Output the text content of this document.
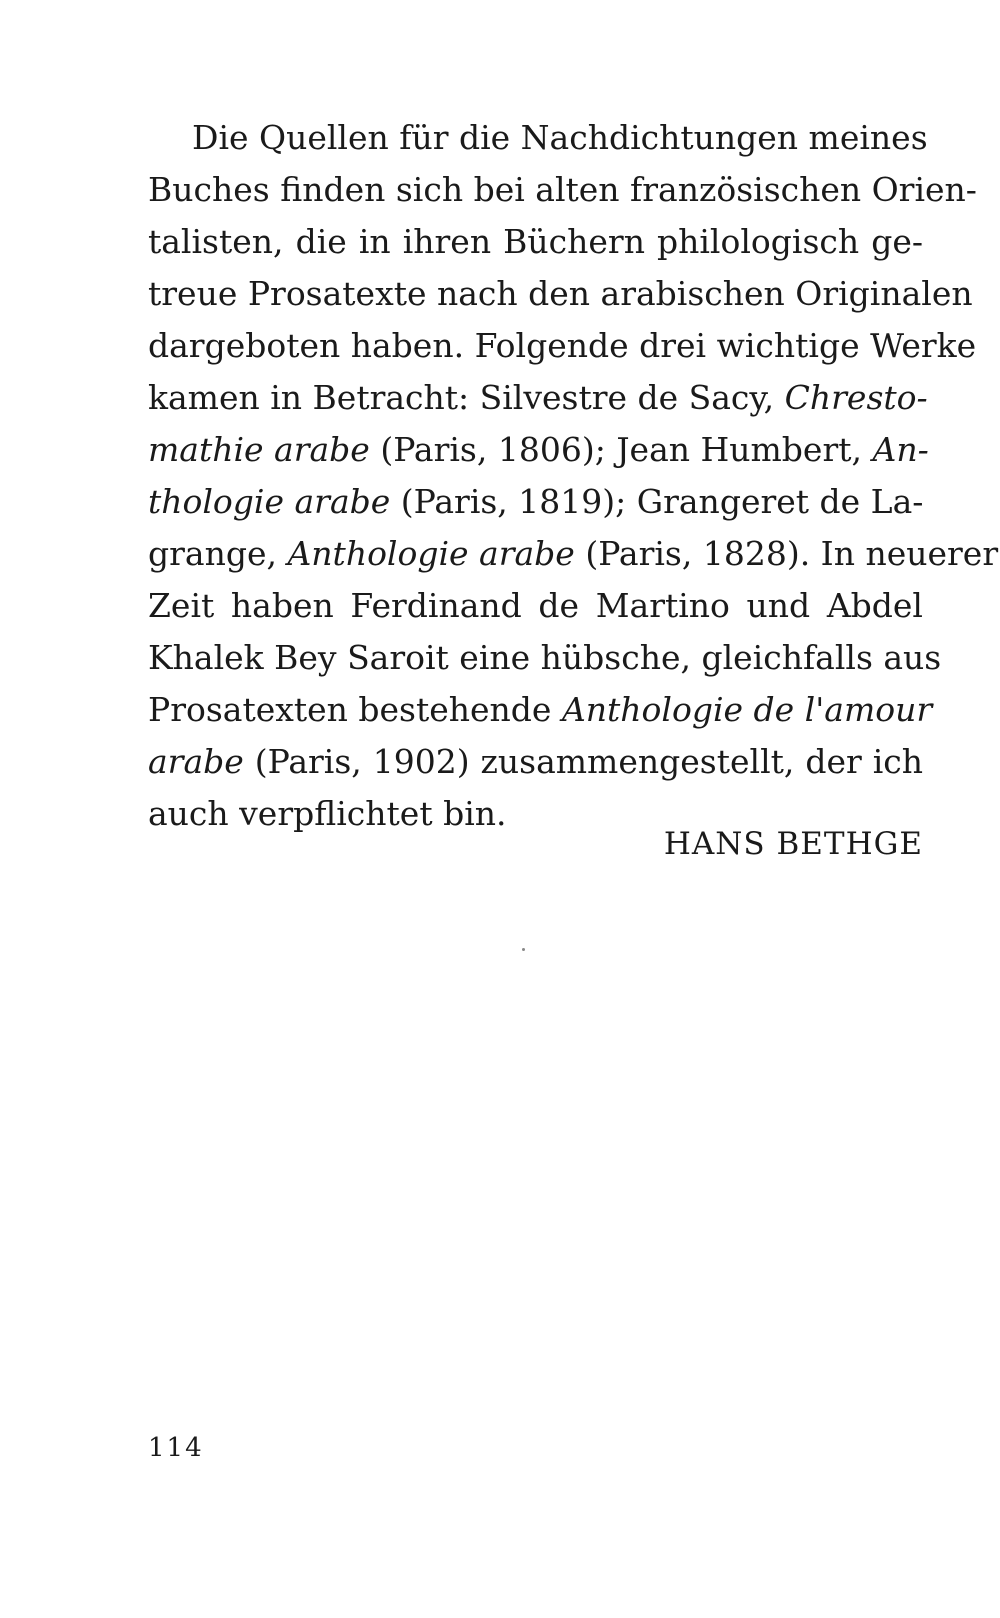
Die Quellen für die Nachdichtungen meines
Buches finden sich bei alten französischen Orien-
talisten, die in ihren Büchern philologisch ge-
treue Prosatexte nach den arabischen Originalen
dargeboten haben. Folgende drei wichtige Werke
kamen in Betracht: Silvestre de Sacy, Chresto-
mathie arabe (Paris, 1806); Jean Humbert, An-
thologie arabe (Paris, 1819); Grangeret de La-
grange, Anthologie arabe (Paris, 1828). In neuerer
Zeit haben Ferdinand de Martino und Abdel
Khalek Bey Saroit eine hübsche, gleichfalls aus
Prosatexten bestehende Anthologie de l'amour
arabe (Paris, 1902) zusammengestellt, der ich
auch verpflichtet bin.
HANS BETHGE
114
